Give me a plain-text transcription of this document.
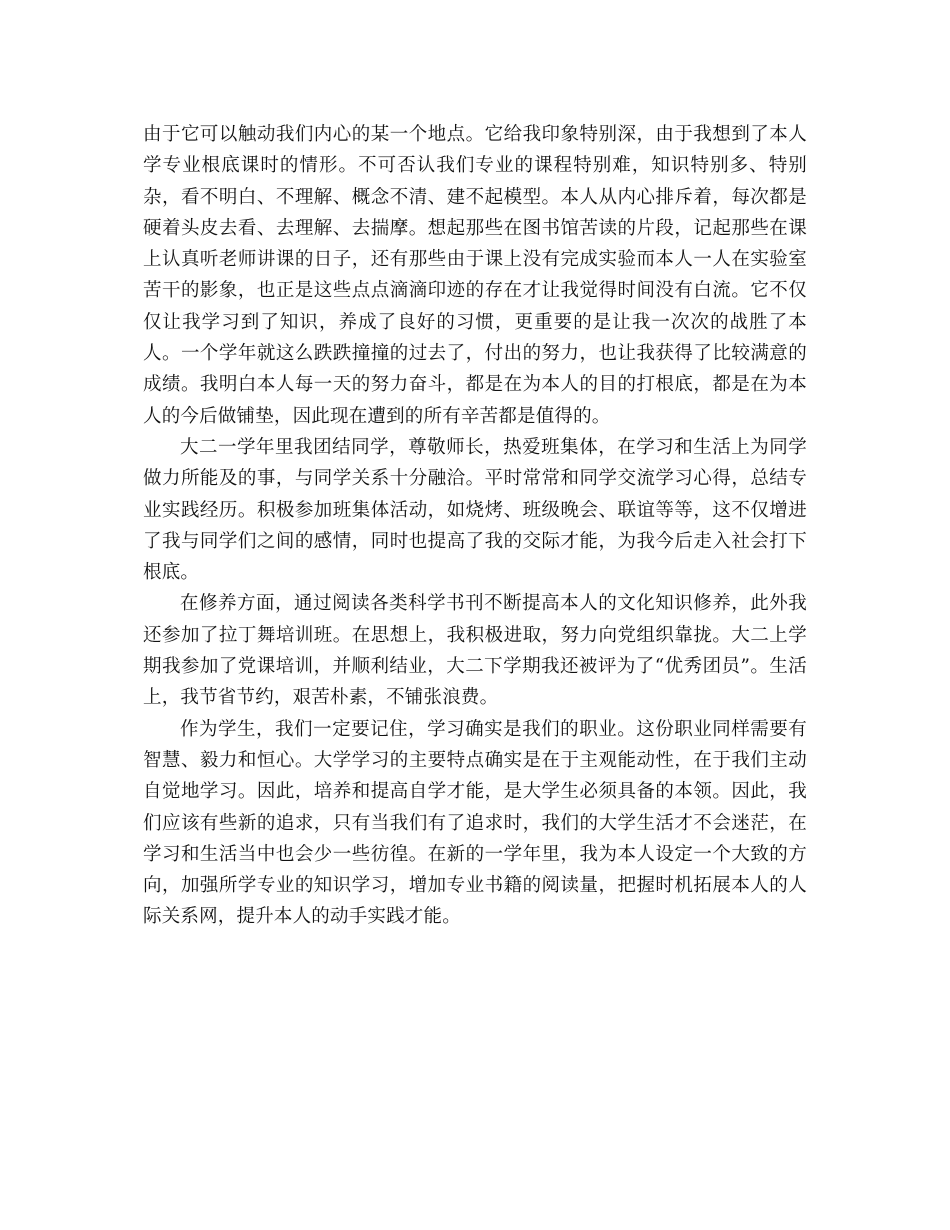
由于它可以触动我们内心的某一个地点。它给我印象特别深，由于我想到了本人学专业根底课时的情形。不可否认我们专业的课程特别难，知识特别多、特别杂，看不明白、不理解、概念不清、建不起模型。本人从内心排斥着，每次都是硬着头皮去看、去理解、去揣摩。想起那些在图书馆苦读的片段，记起那些在课上认真听老师讲课的日子，还有那些由于课上没有完成实验而本人一人在实验室苦干的影象，也正是这些点点滴滴印迹的存在才让我觉得时间没有白流。它不仅仅让我学习到了知识，养成了良好的习惯，更重要的是让我一次次的战胜了本人。一个学年就这么跌跌撞撞的过去了，付出的努力，也让我获得了比较满意的成绩。我明白本人每一天的努力奋斗，都是在为本人的目的打根底，都是在为本人的今后做铺垫，因此现在遭到的所有辛苦都是值得的。

大二一学年里我团结同学，尊敬师长，热爱班集体，在学习和生活上为同学做力所能及的事，与同学关系十分融洽。平时常常和同学交流学习心得，总结专业实践经历。积极参加班集体活动，如烧烤、班级晚会、联谊等等，这不仅增进了我与同学们之间的感情，同时也提高了我的交际才能，为我今后走入社会打下根底。

在修养方面，通过阅读各类科学书刊不断提高本人的文化知识修养，此外我还参加了拉丁舞培训班。在思想上，我积极进取，努力向党组织靠拢。大二上学期我参加了党课培训，并顺利结业，大二下学期我还被评为了“优秀团员”。生活上，我节省节约，艰苦朴素，不铺张浪费。

作为学生，我们一定要记住，学习确实是我们的职业。这份职业同样需要有智慧、毅力和恒心。大学学习的主要特点确实是在于主观能动性，在于我们主动自觉地学习。因此，培养和提高自学才能，是大学生必须具备的本领。因此，我们应该有些新的追求，只有当我们有了追求时，我们的大学生活才不会迷茫，在学习和生活当中也会少一些彷徨。在新的一学年里，我为本人设定一个大致的方向，加强所学专业的知识学习，增加专业书籍的阅读量，把握时机拓展本人的人际关系网，提升本人的动手实践才能。
